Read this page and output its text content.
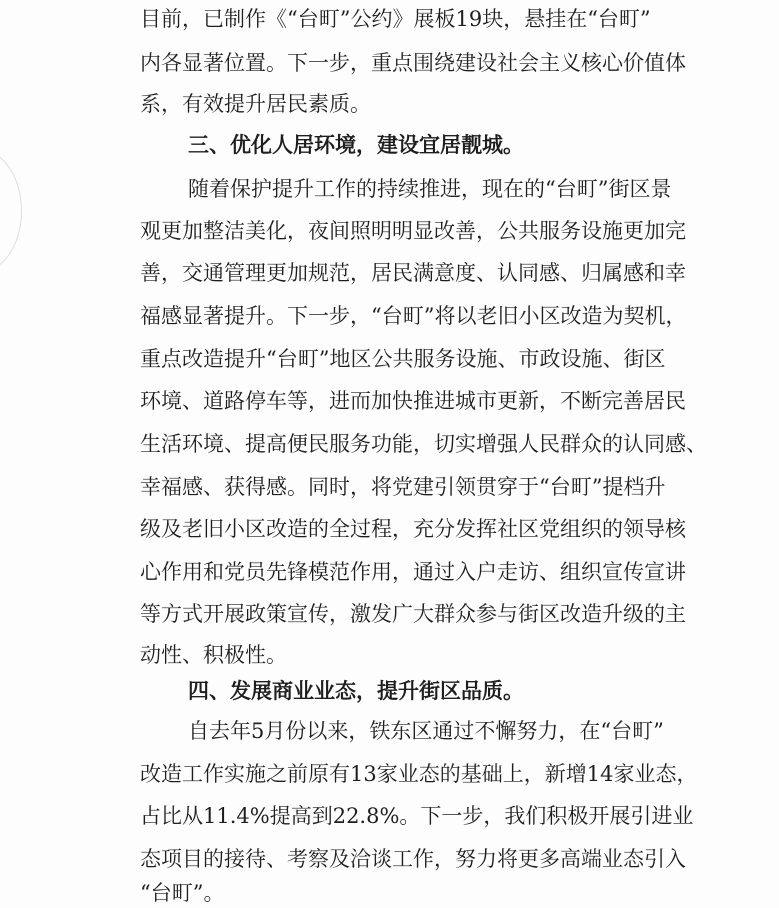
目前，已制作《“台町”公约》展板19块，悬挂在“台町”
内各显著位置。下一步，重点围绕建设社会主义核心价值体
系，有效提升居民素质。
三、优化人居环境，建设宜居靓城。
随着保护提升工作的持续推进，现在的“台町”街区景
观更加整洁美化，夜间照明明显改善，公共服务设施更加完
善，交通管理更加规范，居民满意度、认同感、归属感和幸
福感显著提升。下一步，“台町”将以老旧小区改造为契机，
重点改造提升“台町”地区公共服务设施、市政设施、街区
环境、道路停车等，进而加快推进城市更新，不断完善居民
生活环境、提高便民服务功能，切实增强人民群众的认同感、
幸福感、获得感。同时，将党建引领贯穿于“台町”提档升
级及老旧小区改造的全过程，充分发挥社区党组织的领导核
心作用和党员先锋模范作用，通过入户走访、组织宣传宣讲
等方式开展政策宣传，激发广大群众参与街区改造升级的主
动性、积极性。
四、发展商业业态，提升街区品质。
自去年5月份以来，铁东区通过不懈努力，在“台町”
改造工作实施之前原有13家业态的基础上，新增14家业态，
占比从11.4%提高到22.8%。下一步，我们积极开展引进业
态项目的接待、考察及洽谈工作，努力将更多高端业态引入
“台町”。
